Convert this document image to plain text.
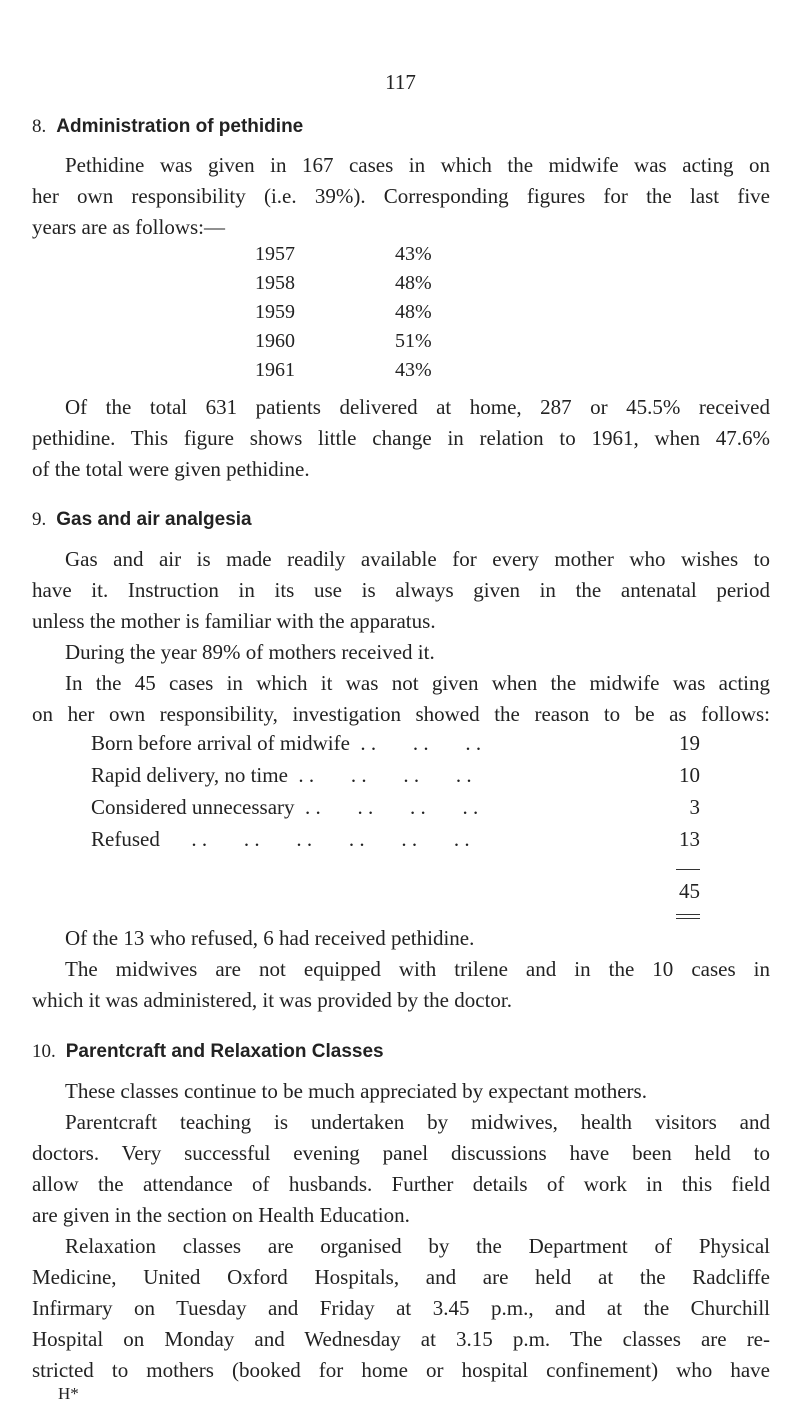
117
8. Administration of pethidine

Pethidine was given in 167 cases in which the midwife was acting on

her own responsibility (i.e. 39%). Corresponding figures for the last five

years are as follows:—

1957	43%
1958	48%
1959	48%
1960	51%
1961	43%

Of the total 631 patients delivered at home, 287 or 45.5% received

pethidine. This figure shows little change in relation to 1961, when 47.6%

of the total were given pethidine.

9. Gas and air analgesia

Gas and air is made readily available for every mother who wishes to

have it. Instruction in its use is always given in the antenatal period

unless the mother is familiar with the apparatus.

During the year 89% of mothers received it.

In the 45 cases in which it was not given when the midwife was acting

on her own responsibility, investigation showed the reason to be as follows:

Born before arrival of midwife  . .       . .       . .	19
Rapid delivery, no time  . .       . .       . .       . .	10
Considered unnecessary  . .       . .       . .       . .	3
Refused      . .       . .       . .       . .       . .       . .	13
45

Of the 13 who refused, 6 had received pethidine.

The midwives are not equipped with trilene and in the 10 cases in

which it was administered, it was provided by the doctor.

10. Parentcraft and Relaxation Classes

These classes continue to be much appreciated by expectant mothers.

Parentcraft teaching is undertaken by midwives, health visitors and

doctors. Very successful evening panel discussions have been held to

allow the attendance of husbands. Further details of work in this field

are given in the section on Health Education.

Relaxation classes are organised by the Department of Physical

Medicine, United Oxford Hospitals, and are held at the Radcliffe

Infirmary on Tuesday and Friday at 3.45 p.m., and at the Churchill

Hospital on Monday and Wednesday at 3.15 p.m. The classes are re-

stricted to mothers (booked for home or hospital confinement) who have

H*
